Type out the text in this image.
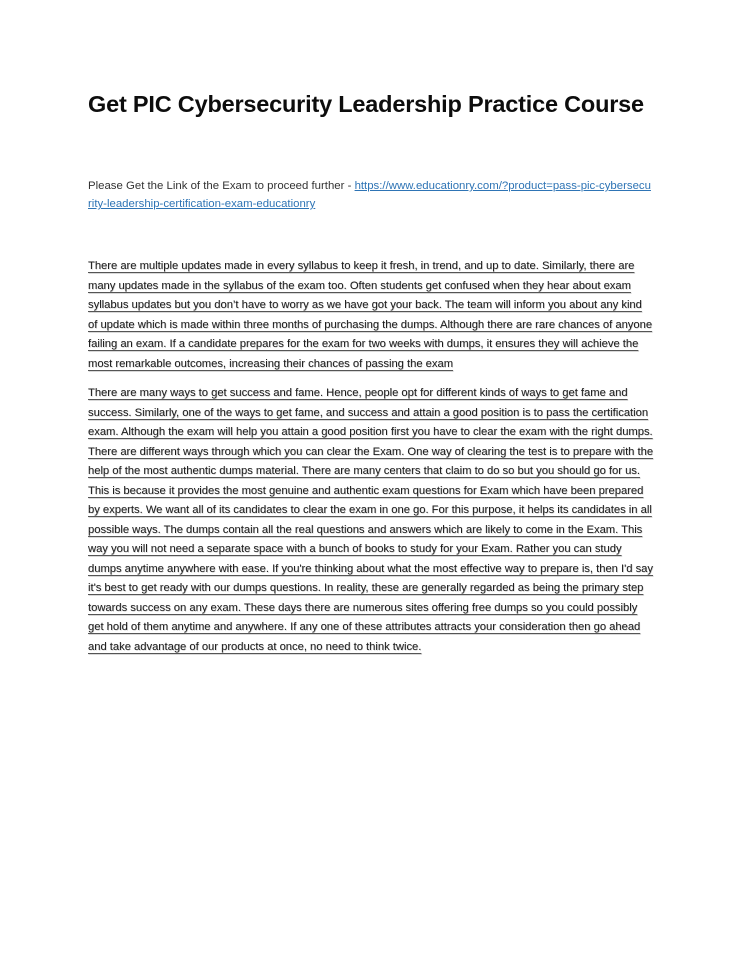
Get PIC Cybersecurity Leadership Practice Course
Please Get the Link of the Exam to proceed further - https://www.educationry.com/?product=pass-pic-cybersecurity-leadership-certification-exam-educationry

There are multiple updates made in every syllabus to keep it fresh, in trend, and up to date. Similarly, there are many updates made in the syllabus of the exam too. Often students get confused when they hear about exam syllabus updates but you don’t have to worry as we have got your back. The team will inform you about any kind of update which is made within three months of purchasing the dumps. Although there are rare chances of anyone failing an exam. If a candidate prepares for the exam for two weeks with dumps, it ensures they will achieve the most remarkable outcomes, increasing their chances of passing the exam

There are many ways to get success and fame. Hence, people opt for different kinds of ways to get fame and success. Similarly, one of the ways to get fame, and success and attain a good position is to pass the certification exam. Although the exam will help you attain a good position first you have to clear the exam with the right dumps. There are different ways through which you can clear the Exam. One way of clearing the test is to prepare with the help of the most authentic dumps material. There are many centers that claim to do so but you should go for us. This is because it provides the most genuine and authentic exam questions for Exam which have been prepared by experts. We want all of its candidates to clear the exam in one go. For this purpose, it helps its candidates in all possible ways. The dumps contain all the real questions and answers which are likely to come in the Exam. This way you will not need a separate space with a bunch of books to study for your Exam. Rather you can study dumps anytime anywhere with ease. If you're thinking about what the most effective way to prepare is, then I'd say it's best to get ready with our dumps questions. In reality, these are generally regarded as being the primary step towards success on any exam. These days there are numerous sites offering free dumps so you could possibly get hold of them anytime and anywhere. If any one of these attributes attracts your consideration then go ahead and take advantage of our products at once, no need to think twice.
